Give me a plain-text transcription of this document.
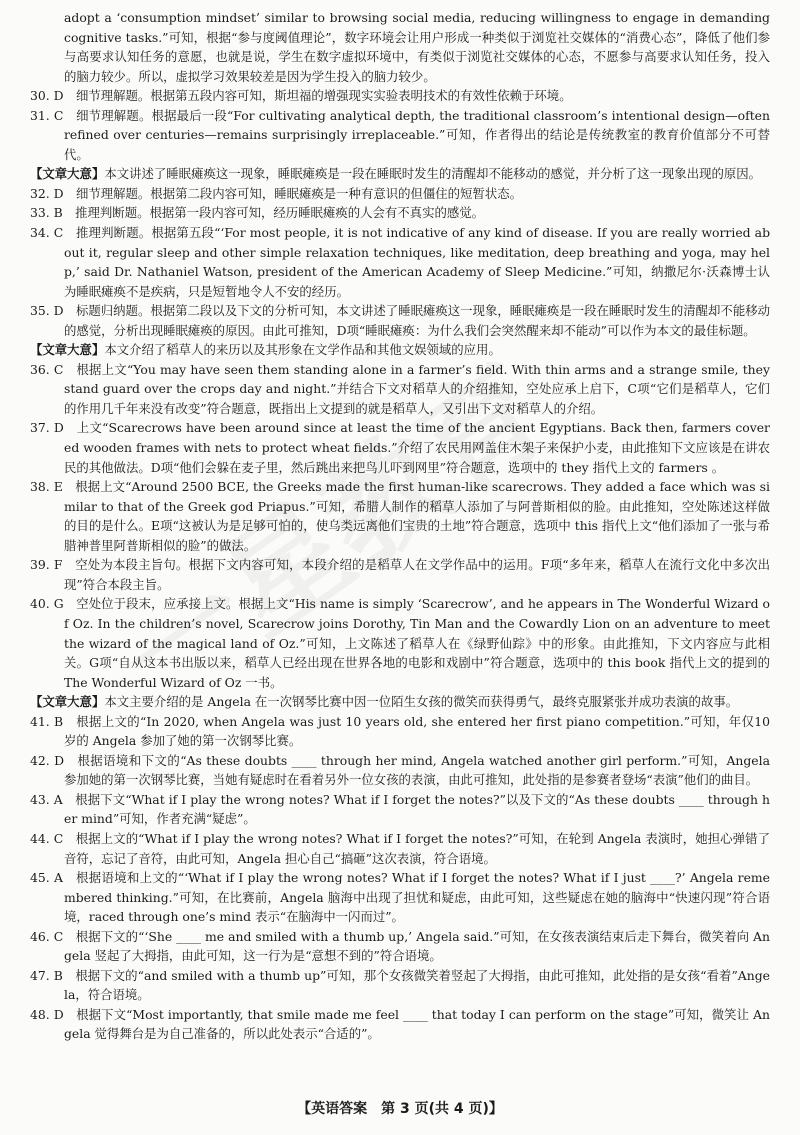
adopt a ‘consumption mindset’ similar to browsing social media, reducing willingness to engage in demanding cognitive tasks.”可知，根据“参与度阈值理论”，数字环境会让用户形成一种类似于浏览社交媒体的“消费心态”，降低了他们参与高要求认知任务的意愿，也就是说，学生在数字虚拟环境中，有类似于浏览社交媒体的心态，不愿参与高要求认知任务，投入的脑力较少。所以，虚拟学习效果较差是因为学生投入的脑力较少。

30. D　细节理解题。根据第五段内容可知，斯坦福的增强现实实验表明技术的有效性依赖于环境。

31. C　细节理解题。根据最后一段“For cultivating analytical depth, the traditional classroom’s intentional design—often refined over centuries—remains surprisingly irreplaceable.”可知，作者得出的结论是传统教室的教育价值部分不可替代。

【文章大意】本文讲述了睡眠瘫痪这一现象，睡眠瘫痪是一段在睡眠时发生的清醒却不能移动的感觉，并分析了这一现象出现的原因。

32. D　细节理解题。根据第二段内容可知，睡眠瘫痪是一种有意识的但僵住的短暂状态。

33. B　推理判断题。根据第一段内容可知，经历睡眠瘫痪的人会有不真实的感觉。

34. C　推理判断题。根据第五段“‘For most people, it is not indicative of any kind of disease. If you are really worried about it, regular sleep and other simple relaxation techniques, like meditation, deep breathing and yoga, may help,’ said Dr. Nathaniel Watson, president of the American Academy of Sleep Medicine.”可知，纳撒尼尔·沃森博士认为睡眠瘫痪不是疾病，只是短暂地令人不安的经历。

35. D　标题归纳题。根据第二段以及下文的分析可知，本文讲述了睡眠瘫痪这一现象，睡眠瘫痪是一段在睡眠时发生的清醒却不能移动的感觉，分析出现睡眠瘫痪的原因。由此可推知，D项“睡眠瘫痪：为什么我们会突然醒来却不能动”可以作为本文的最佳标题。

【文章大意】本文介绍了稻草人的来历以及其形象在文学作品和其他文娱领域的应用。

36. C　根据上文“You may have seen them standing alone in a farmer’s field. With thin arms and a strange smile, they stand guard over the crops day and night.”并结合下文对稻草人的介绍推知，空处应承上启下，C项“它们是稻草人，它们的作用几千年来没有改变”符合题意，既指出上文提到的就是稻草人，又引出下文对稻草人的介绍。

37. D　上文“Scarecrows have been around since at least the time of the ancient Egyptians. Back then, farmers covered wooden frames with nets to protect wheat fields.”介绍了农民用网盖住木架子来保护小麦，由此推知下文应该是在讲农民的其他做法。D项“他们会躲在麦子里，然后跳出来把鸟儿吓到网里”符合题意，选项中的 they 指代上文的 farmers 。

38. E　根据上文“Around 2500 BCE, the Greeks made the first human-like scarecrows. They added a face which was similar to that of the Greek god Priapus.”可知，希腊人制作的稻草人添加了与阿普斯相似的脸。由此推知，空处陈述这样做的目的是什么。E项“这被认为是足够可怕的，使乌类远离他们宝贵的土地”符合题意，选项中 this 指代上文“他们添加了一张与希腊神普里阿普斯相似的脸”的做法。

39. F　空处为本段主旨句。根据下文内容可知，本段介绍的是稻草人在文学作品中的运用。F项“多年来，稻草人在流行文化中多次出现”符合本段主旨。

40. G　空处位于段末，应承接上文。根据上文“His name is simply ‘Scarecrow’, and he appears in The Wonderful Wizard of Oz. In the children’s novel, Scarecrow joins Dorothy, Tin Man and the Cowardly Lion on an adventure to meet the wizard of the magical land of Oz.”可知，上文陈述了稻草人在《绿野仙踪》中的形象。由此推知，下文内容应与此相关。G项“自从这本书出版以来，稻草人已经出现在世界各地的电影和戏剧中”符合题意，选项中的 this book 指代上文的提到的 The Wonderful Wizard of Oz 一书。

【文章大意】本文主要介绍的是 Angela 在一次钢琴比赛中因一位陌生女孩的微笑而获得勇气，最终克服紧张并成功表演的故事。

41. B　根据上文的“In 2020, when Angela was just 10 years old, she entered her first piano competition.”可知，年仅10岁的 Angela 参加了她的第一次钢琴比赛。

42. D　根据语境和下文的“As these doubts ____ through her mind, Angela watched another girl perform.”可知，Angela 参加她的第一次钢琴比赛，当她有疑虑时在看着另外一位女孩的表演，由此可推知，此处指的是参赛者登场“表演”他们的曲目。

43. A　根据下文“What if I play the wrong notes? What if I forget the notes?”以及下文的“As these doubts ____ through her mind”可知，作者充满“疑虑”。

44. C　根据上文的“What if I play the wrong notes? What if I forget the notes?”可知，在轮到 Angela 表演时，她担心弹错了音符，忘记了音符，由此可知，Angela 担心自己“搞砸”这次表演，符合语境。

45. A　根据语境和上文的“‘What if I play the wrong notes? What if I forget the notes? What if I just ____?’ Angela remembered thinking.”可知，在比赛前，Angela 脑海中出现了担忧和疑虑，由此可知，这些疑虑在她的脑海中“快速闪现”符合语境，raced through one’s mind 表示“在脑海中一闪而过”。

46. C　根据下文的“‘She ____ me and smiled with a thumb up,’ Angela said.”可知，在女孩表演结束后走下舞台，微笑着向 Angela 竖起了大拇指，由此可知，这一行为是“意想不到的”符合语境。

47. B　根据下文的“and smiled with a thumb up”可知，那个女孩微笑着竖起了大拇指，由此可推知，此处指的是女孩“看着”Angela，符合语境。

48. D　根据下文“Most importantly, that smile made me feel ____ that today I can perform on the stage”可知，微笑让 Angela 觉得舞台是为自己准备的，所以此处表示“合适的”。

【英语答案　第 3 页(共 4 页)】
